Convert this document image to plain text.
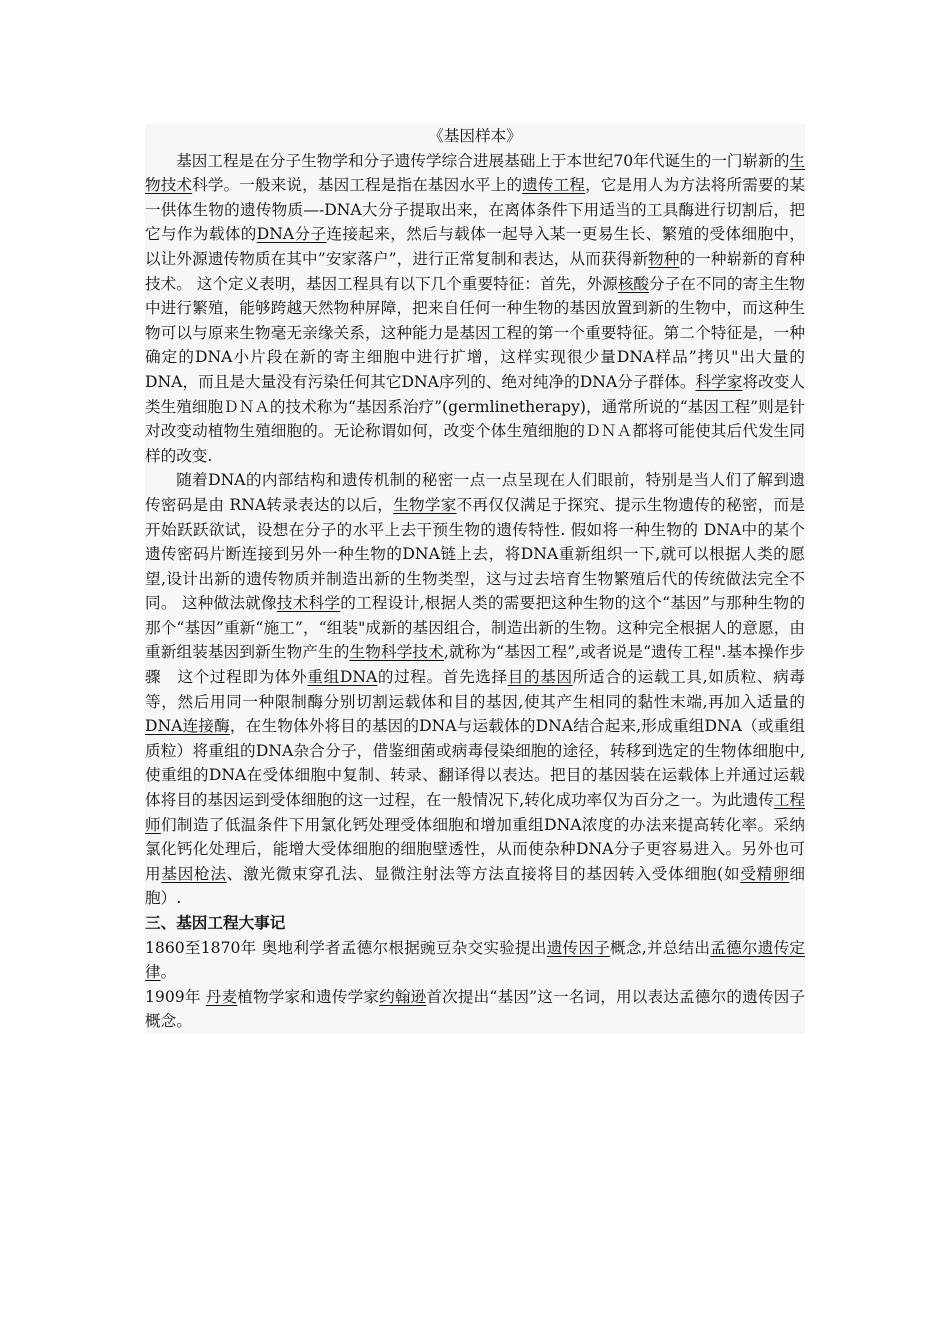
《基因样本》

基因工程是在分子生物学和分子遗传学综合进展基础上于本世纪70年代诞生的一门崭新的生物技术科学。一般来说，基因工程是指在基因水平上的遗传工程，它是用人为方法将所需要的某一供体生物的遗传物质—-DNA大分子提取出来，在离体条件下用适当的工具酶进行切割后，把它与作为载体的DNA分子连接起来，然后与载体一起导入某一更易生长、繁殖的受体细胞中，以让外源遗传物质在其中”安家落户”，进行正常复制和表达，从而获得新物种的一种崭新的育种技术。 这个定义表明，基因工程具有以下几个重要特征：首先，外源核酸分子在不同的寄主生物中进行繁殖，能够跨越天然物种屏障，把来自任何一种生物的基因放置到新的生物中，而这种生物可以与原来生物毫无亲缘关系，这种能力是基因工程的第一个重要特征。第二个特征是，一种确定的DNA小片段在新的寄主细胞中进行扩增，这样实现很少量DNA样品”拷贝"出大量的DNA，而且是大量没有污染任何其它DNA序列的、绝对纯净的DNA分子群体。科学家将改变人类生殖细胞ＤＮＡ的技术称为“基因系治疗”(germlinetherapy)，通常所说的“基因工程”则是针对改变动植物生殖细胞的。无论称谓如何，改变个体生殖细胞的ＤＮＡ都将可能使其后代发生同样的改变.

随着DNA的内部结构和遗传机制的秘密一点一点呈现在人们眼前，特别是当人们了解到遗传密码是由 RNA转录表达的以后，生物学家不再仅仅满足于探究、提示生物遗传的秘密，而是开始跃跃欲试，设想在分子的水平上去干预生物的遗传特性. 假如将一种生物的 DNA中的某个遗传密码片断连接到另外一种生物的DNA链上去，将DNA重新组织一下,就可以根据人类的愿望,设计出新的遗传物质并制造出新的生物类型，这与过去培育生物繁殖后代的传统做法完全不同。 这种做法就像技术科学的工程设计,根据人类的需要把这种生物的这个“基因”与那种生物的那个“基因”重新“施工”，“组装"成新的基因组合，制造出新的生物。这种完全根据人的意愿，由重新组装基因到新生物产生的生物科学技术,就称为“基因工程”,或者说是“遗传工程".基本操作步骤　这个过程即为体外重组DNA的过程。首先选择目的基因所适合的运载工具,如质粒、病毒等，然后用同一种限制酶分别切割运载体和目的基因,使其产生相同的黏性末端,再加入适量的DNA连接酶，在生物体外将目的基因的DNA与运载体的DNA结合起来,形成重组DNA（或重组质粒）将重组的DNA杂合分子，借鉴细菌或病毒侵染细胞的途径，转移到选定的生物体细胞中,使重组的DNA在受体细胞中复制、转录、翻译得以表达。把目的基因装在运载体上并通过运载体将目的基因运到受体细胞的这一过程，在一般情况下,转化成功率仅为百分之一。为此遗传工程师们制造了低温条件下用氯化钙处理受体细胞和增加重组DNA浓度的办法来提高转化率。采纳氯化钙化处理后，能增大受体细胞的细胞壁透性，从而使杂种DNA分子更容易进入。另外也可用基因枪法、激光微束穿孔法、显微注射法等方法直接将目的基因转入受体细胞(如受精卵细胞）.

三、基因工程大事记

1860至1870年 奥地利学者孟德尔根据豌豆杂交实验提出遗传因子概念,并总结出孟德尔遗传定律。

1909年 丹麦植物学家和遗传学家约翰逊首次提出“基因”这一名词，用以表达孟德尔的遗传因子概念。
